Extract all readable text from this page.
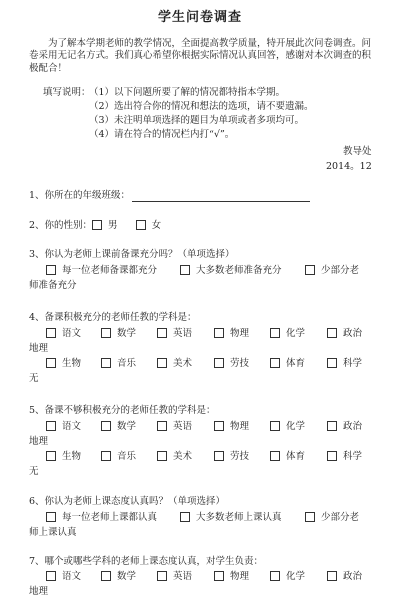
学生问卷调查

为了解本学期老师的教学情况，全面提高教学质量，特开展此次问卷调查。问卷采用无记名方式。我们真心希望你根据实际情况认真回答，感谢对本次调查的积极配合！

填写说明：
（1）以下问题所要了解的情况都特指本学期。
（2）选出符合你的情况和想法的选项，请不要遗漏。
（3）未注明单项选择的题目为单项或者多项均可。
（4）请在符合的情况栏内打“√”。
教导处
2014。12
1、你所在的年级班级：
2、你的性别： 男	女
3、你认为老师上课前备课充分吗？（单项选择）
每一位老师备课都充分	大多数老师准备充分	少部分老
师准备充分
4、备课积极充分的老师任教的学科是：
语文	数学	英语	物理	化学	政治
地理
生物	音乐	美术	劳技	体育	科学
无
5、备课不够积极充分的老师任教的学科是：
语文	数学	英语	物理	化学	政治
地理
生物	音乐	美术	劳技	体育	科学
无
6、你认为老师上课态度认真吗？（单项选择）
每一位老师上课都认真	大多数老师上课认真	少部分老
师上课认真
7、哪个或哪些学科的老师上课态度认真，对学生负责：
语文	数学	英语	物理	化学	政治
地理
